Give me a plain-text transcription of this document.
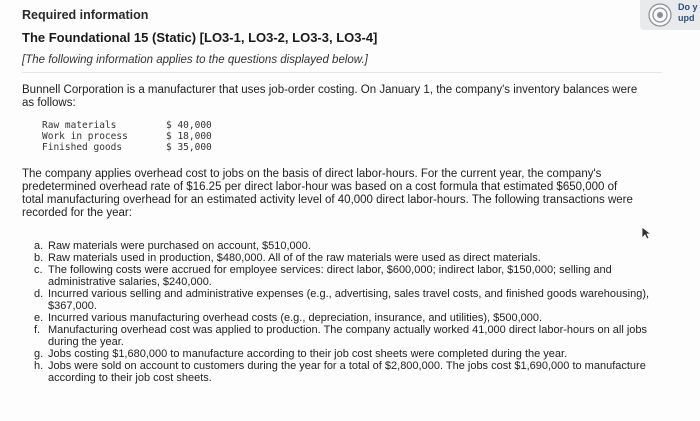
Required information
The Foundational 15 (Static) [LO3-1, LO3-2, LO3-3, LO3-4]
[The following information applies to the questions displayed below.]
Bunnell Corporation is a manufacturer that uses job-order costing. On January 1, the company's inventory balances were as follows:
Raw materials	$ 40,000
Work in process	$ 18,000
Finished goods	$ 35,000
The company applies overhead cost to jobs on the basis of direct labor-hours. For the current year, the company's predetermined overhead rate of $16.25 per direct labor-hour was based on a cost formula that estimated $650,000 of total manufacturing overhead for an estimated activity level of 40,000 direct labor-hours. The following transactions were recorded for the year:
a. Raw materials were purchased on account, $510,000.
b. Raw materials used in production, $480,000. All of of the raw materials were used as direct materials.
c. The following costs were accrued for employee services: direct labor, $600,000; indirect labor, $150,000; selling and administrative salaries, $240,000.
d. Incurred various selling and administrative expenses (e.g., advertising, sales travel costs, and finished goods warehousing), $367,000.
e. Incurred various manufacturing overhead costs (e.g., depreciation, insurance, and utilities), $500,000.
f. Manufacturing overhead cost was applied to production. The company actually worked 41,000 direct labor-hours on all jobs during the year.
g. Jobs costing $1,680,000 to manufacture according to their job cost sheets were completed during the year.
h. Jobs were sold on account to customers during the year for a total of $2,800,000. The jobs cost $1,690,000 to manufacture according to their job cost sheets.
Do y
upd
